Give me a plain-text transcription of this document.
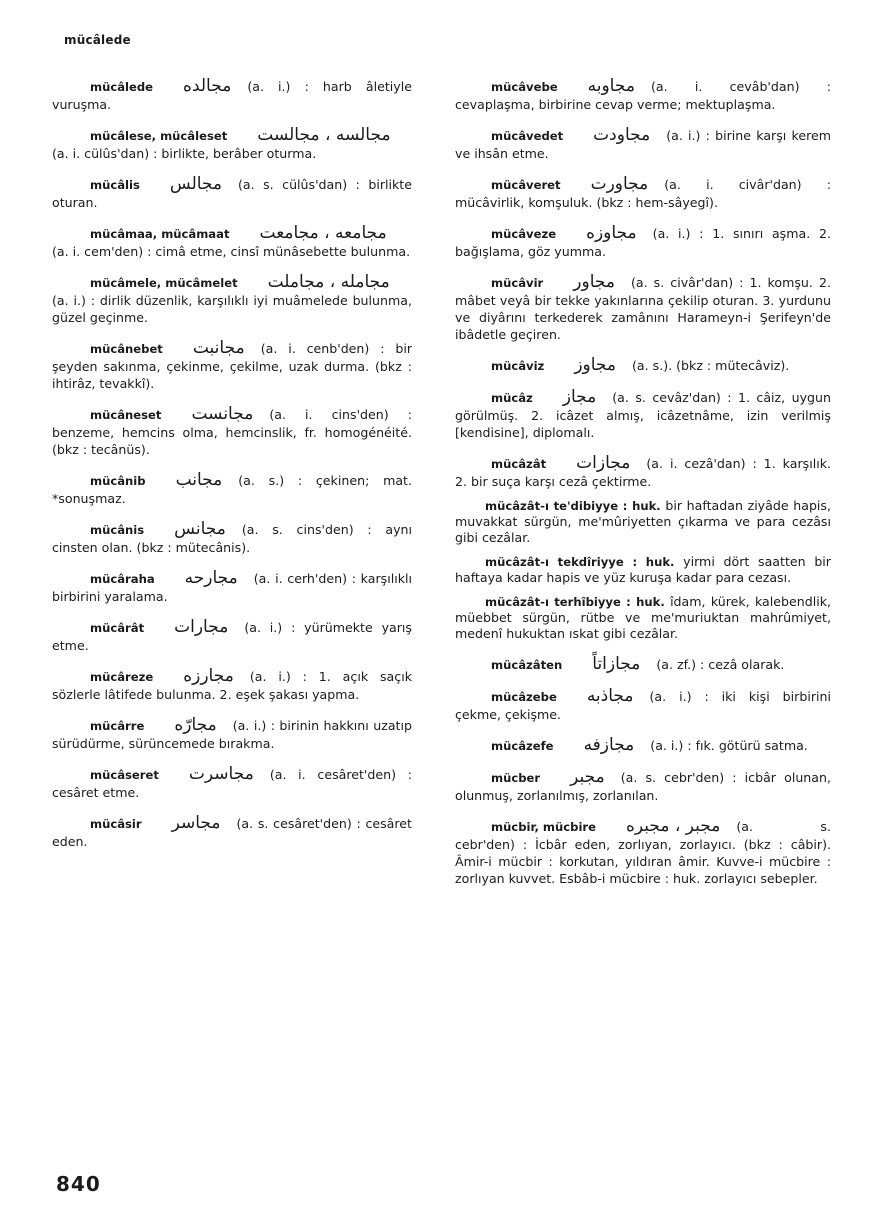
mücâlede
mücâlede مجالده (a. i.) : harb âletiyle vuruşma.
mücâlese, mücâleset مجالسه ، مجالست(a. i. cülûs'dan) : birlikte, berâber oturma.
mücâlis مجالس (a. s. cülûs'dan) : birlikte oturan.
mücâmaa, mücâmaat مجامعه ، مجامعت(a. i. cem'den) : cimâ etme, cinsî münâsebette bulunma.
mücâmele, mücâmelet مجامله ، مجاملت(a. i.) : dirlik düzenlik, karşılıklı iyi muâmelede bulunma, güzel geçinme.
mücânebet مجانبت (a. i. cenb'den) : bir şeyden sakınma, çekinme, çekilme, uzak durma. (bkz : ihtirâz, tevakkî).
mücâneset مجانست (a. i. cins'den) : benzeme, hemcins olma, hemcinslik, fr. homogénéité. (bkz : tecânüs).
mücânib مجانب (a. s.) : çekinen; mat. *sonuşmaz.
mücânis مجانس (a. s. cins'den) : aynı cinsten olan. (bkz : mütecânis).
mücâraha مجارحه (a. i. cerh'den) : karşılıklı birbirini yaralama.
mücârât مجارات (a. i.) : yürümekte yarış etme.
mücâreze مجارزه (a. i.) : 1. açık saçık sözlerle lâtifede bulunma. 2. eşek şakası yapma.
mücârre مجارّه (a. i.) : birinin hakkını uzatıp sürüdürme, sürüncemede bırakma.
mücâseret مجاسرت (a. i. cesâret'den) : cesâret etme.
mücâsir مجاسر (a. s. cesâret'den) : cesâret eden.
mücâvebe مجاوبه (a. i. cevâb'dan) : cevaplaşma, birbirine cevap verme; mektuplaşma.
mücâvedet مجاودت (a. i.) : birine karşı kerem ve ihsân etme.
mücâveret مجاورت (a. i. civâr'dan) : mücâvirlik, komşuluk. (bkz : hem-sâyegî).
mücâveze مجاوزه (a. i.) : 1. sınırı aşma. 2. bağışlama, göz yumma.
mücâvir مجاور (a. s. civâr'dan) : 1. komşu. 2. mâbet veyâ bir tekke yakınlarına çekilip oturan. 3. yurdunu ve diyârını terkederek zamânını Harameyn-i Şerifeyn'de ibâdetle geçiren.
mücâviz مجاوز (a. s.). (bkz : mütecâviz).
mücâz مجاز (a. s. cevâz'dan) : 1. câiz, uygun görülmüş. 2. icâzet almış, icâzetnâme, izin verilmiş [kendisine], diplomalı.
mücâzât مجازات (a. i. cezâ'dan) : 1. karşılık. 2. bir suça karşı cezâ çektirme.
mücâzât-ı te'dibiyye : huk. bir haftadan ziyâde hapis, muvakkat sürgün, me'mûriyetten çıkarma ve para cezâsı gibi cezâlar.
mücâzât-ı tekdîriyye : huk. yirmi dört saatten bir haftaya kadar hapis ve yüz kuruşa kadar para cezası.
mücâzât-ı terhîbiyye : huk. îdam, kürek, kalebendlik, müebbet sürgün, rütbe ve me'muriuktan mahrûmiyet, medenî hukuktan ıskat gibi cezâlar.
mücâzâten مجازاتاً (a. zf.) : cezâ olarak.
mücâzebe مجاذبه (a. i.) : iki kişi birbirini çekme, çekişme.
mücâzefe مجازفه (a. i.) : fık. götürü satma.
mücber مجبر (a. s. cebr'den) : icbâr olunan, olunmuş, zorlanılmış, zorlanılan.
mücbir, mücbire مجبر ، مجبره (a. s. cebr'den) : İcbâr eden, zorlıyan, zorlayıcı. (bkz : câbir). Âmir-i mücbir : korkutan, yıldıran âmir. Kuvve-i mücbire : zorlıyan kuvvet. Esbâb-i mücbire : huk. zorlayıcı sebepler.
840
